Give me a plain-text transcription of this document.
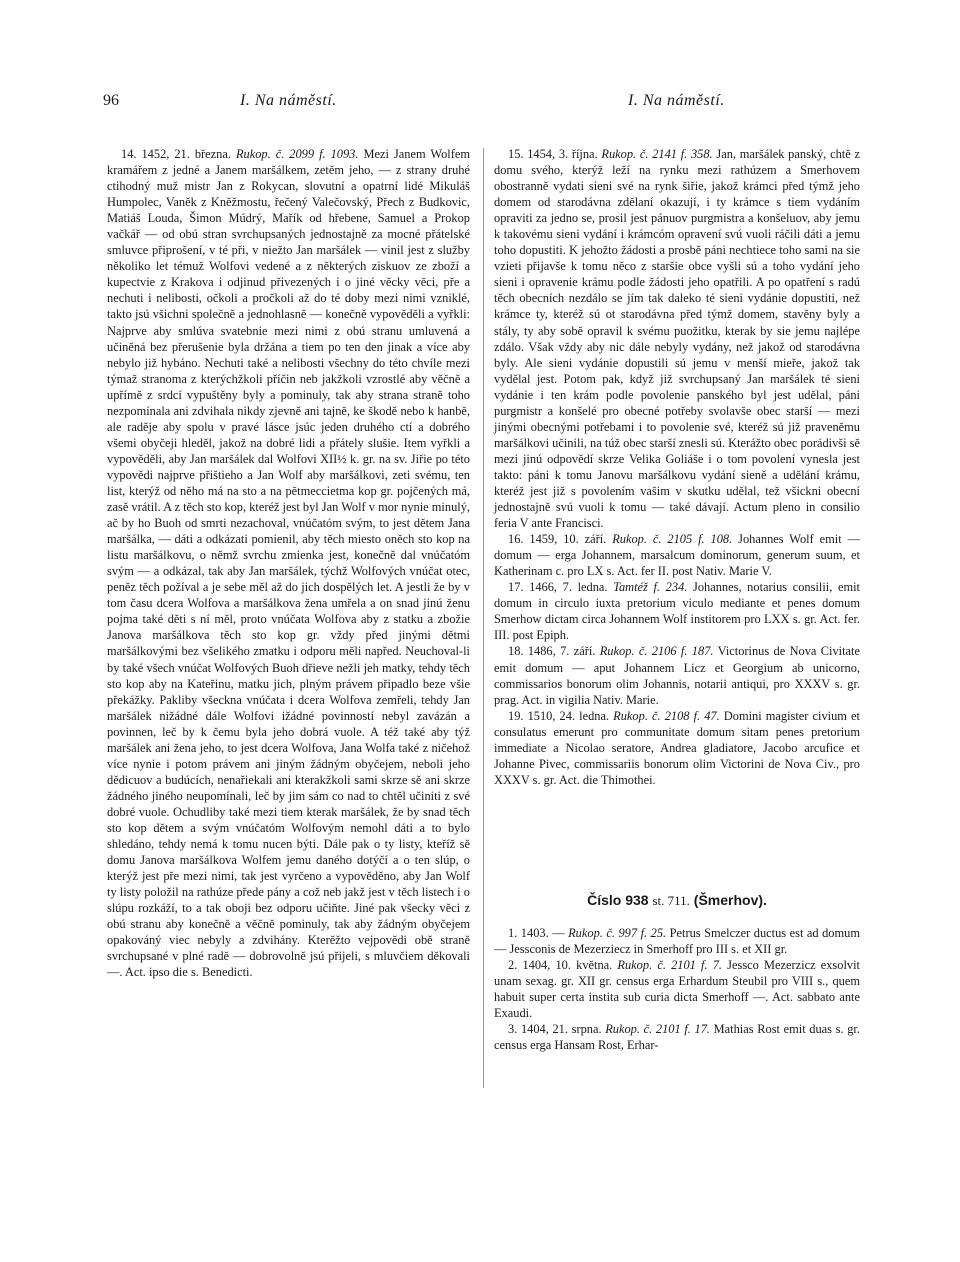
96	I. Na náměstí.	I. Na náměstí.

14. 1452, 21. března. Rukop. č. 2099 f. 1093. Mezi Janem Wolfem kramářem z jedné a Janem maršálkem, zetěm jeho, — z strany druhé ctihodný muž mistr Jan z Rokycan, slovutní a opatrní lidé Mikuláš Humpolec, Vaněk z Kněžmostu, řečený Valečovský, Přech z Budkovic, Matiáš Louda, Šimon Múdrý, Mařík od hřebene, Samuel a Prokop vačkář — od obú stran svrchupsaných jednostajně za mocné přátelské smluvce připrošení, v té při, v niežto Jan maršálek — vinil jest z služby několiko let témuž Wolfovi vedené a z některých ziskuov ze zboží a kupectvie z Krakova i odjinud přivezených i o jiné věcky věci, pře a nechuti i nelibosti, očkoli a pročkoli až do té doby mezi nimi vzniklé, takto jsú všichni společně a jednohlasně — konečně vypověděli a vyřkli: Najprve aby smlúva svatebnie mezi nimi z obú stranu umluvená a učiněná bez přerušenie byla držána a tiem po ten den jinak a více aby nebylo již hybáno. Nechuti také a nelibosti všechny do této chvíle mezi týmaž stranoma z kterýchžkoli příčin neb jakžkoli vzrostlé aby věčně a upřímě z srdcí vypuštěny byly a pominuly, tak aby strana straně toho nezpomínala ani zdvihala nikdy zjevně ani tajně, ke škodě nebo k hanbě, ale raděje aby spolu v pravé lásce jsúc jeden druhého ctí a dobrého všemi obyčeji hleděl, jakož na dobré lidi a přátely slušie. Item vyřkli a vypověděli, aby Jan maršálek dal Wolfovi XII½ k. gr. na sv. Jiřie po této vypovědi najprve přištieho a Jan Wolf aby maršálkovi, zeti svému, ten list, kterýž od něho má na sto a na pětmeccietma kop gr. pojčených má, zasě vrátil. A z těch sto kop, kteréž jest byl Jan Wolf v mor nynie minulý, ač by ho Buoh od smrti nezachoval, vnúčatóm svým, to jest dětem Jana maršálka, — dáti a odkázati pomienil, aby těch miesto oněch sto kop na listu maršálkovu, o němž svrchu zmienka jest, konečně dal vnúčatóm svým — a odkázal, tak aby Jan maršálek, týchž Wolfových vnúčat otec, peněz těch požíval a je sebe měl až do jich dospělých let. A jestli že by v tom času dcera Wolfova a maršálkova žena umřela a on snad jinú ženu pojma také děti s ní měl, proto vnúčata Wolfova aby z statku a zbožie Janova maršálkova těch sto kop gr. vždy před jinými dětmi maršálkovými bez všelikého zmatku i odporu měli napřed. Neuchoval-li by také všech vnúčat Wolfových Buoh dřieve nežli jeh matky, tehdy těch sto kop aby na Kateřinu, matku jich, plným právem připadlo beze všie překážky. Pakliby všeckna vnúčata i dcera Wolfova zemřeli, tehdy Jan maršálek nižádné dále Wolfovi ižádné povinností nebyl zavázán a povinnen, leč by k čemu byla jeho dobrá vuole. A též také aby týž maršálek ani žena jeho, to jest dcera Wolfova, Jana Wolfa také z ničehož více nynie i potom právem ani jiným žádným obyčejem, neboli jeho dědicuov a budúcích, nenařiekali ani kterakžkoli sami skrze sě ani skrze žádného jiného neupomínali, leč by jim sám co nad to chtěl učiniti z své dobré vuole. Ochudliby také mezi tiem kterak maršálek, že by snad těch sto kop dětem a svým vnúčatóm Wolfovým nemohl dáti a to bylo shledáno, tehdy nemá k tomu nucen býti. Dále pak o ty listy, kteříž sě domu Janova maršálkova Wolfem jemu daného dotýčí a o ten slúp, o kterýž jest pře mezi nimi, tak jest vyrčeno a vypověděno, aby Jan Wolf ty listy položil na rathúze přede pány a což neb jakž jest v těch listech i o slúpu rozkáží, to a tak oboji bez odporu učiňte. Jiné pak všecky věci z obú stranu aby konečně a věčně pominuly, tak aby žádným obyčejem opakováný viec nebyly a zdvihány. Kterěžto vejpovědi obě straně svrchupsané v plné radě — dobrovolně jsú přijeli, s mluvčiem děkovali —. Act. ipso die s. Benedicti.

15. 1454, 3. října. Rukop. č. 2141 f. 358. Jan, maršálek panský, chtě z domu svého, kterýž leží na rynku mezi rathúzem a Smerhovem obostranně vydati sieni své na rynk šiřie, jakož krámci před týmž jeho domem od starodávna zdělaní okazují, i ty krámce s tiem vydáním opraviti za jedno se, prosil jest pánuov purgmistra a konšeluov, aby jemu k takovému sieni vydání i krámcóm opravení svú vuoli ráčili dáti a jemu toho dopustiti. K jehožto žádosti a prosbě páni nechtiece toho sami na sie vzieti přijavše k tomu něco z staršie obce vyšli sú a toho vydání jeho sieni i opravenie krámu podle žádosti jeho opatřili. A po opatření s radú těch obecních nezdálo se jím tak daleko té sieni vydánie dopustiti, než krámce ty, kteréž sú ot starodávna před týmž domem, stavěny byly a stály, ty aby sobě opravil k svému puožitku, kterak by sie jemu najlépe zdálo. Však vždy aby nic dále nebyly vydány, než jakož od starodávna byly. Ale sieni vydánie dopustili sú jemu v menší mieře, jakož tak vydělal jest. Potom pak, když již svrchupsaný Jan maršálek té sieni vydánie i ten krám podle povolenie panského byl jest udělal, páni purgmistr a konšelé pro obecné potřeby svolavše obec starší — mezi jinými obecnými potřebami i to povolenie své, kteréž sú již praveněmu maršálkovi učinili, na túž obec starší znesli sú. Kterážto obec porádivši sě mezi jinú odpovědí skrze Velika Goliáše i o tom povolení vynesla jest takto: páni k tomu Janovu maršálkovu vydání sieně a udělání krámu, kteréž jest již s povolením vašim v skutku udělal, tež všickni obecní jednostajně svú vuoli k tomu — také dávají. Actum pleno in consilio feria V ante Francisci.

16. 1459, 10. září. Rukop. č. 2105 f. 108. Johannes Wolf emit — domum — erga Johannem, marsalcum dominorum, generum suum, et Katherinam c. pro LX s. Act. fer II. post Nativ. Marie V.

17. 1466, 7. ledna. Tamtéž f. 234. Johannes, notarius consilii, emit domum in circulo iuxta pretorium viculo mediante et penes domum Smerhow dictam circa Johannem Wolf institorem pro LXX s. gr. Act. fer. III. post Epiph.

18. 1486, 7. září. Rukop. č. 2106 f. 187. Victorinus de Nova Civitate emit domum — aput Johannem Licz et Georgium ab unicorno, commissarios bonorum olim Johannis, notarii antiqui, pro XXXV s. gr. prag. Act. in vigilia Nativ. Marie.

19. 1510, 24. ledna. Rukop. č. 2108 f. 47. Domini magister civium et consulatus emerunt pro communitate domum sitam penes pretorium immediate a Nicolao seratore, Andrea gladiatore, Jacobo arcufice et Johanne Pivec, commissariis bonorum olim Victorini de Nova Civ., pro XXXV s. gr. Act. die Thimothei.

Číslo 938 st. 711. (Šmerhov).

1. 1403. — Rukop. č. 997 f. 25. Petrus Smelczer ductus est ad domum — Jessconis de Mezerziecz in Smerhoff pro III s. et XII gr.

2. 1404, 10. května. Rukop. č. 2101 f. 7. Jessco Mezerzicz exsolvit unam sexag. gr. XII gr. census erga Erhardum Steubil pro VIII s., quem habuit super certa instita sub curia dicta Smerhoff —. Act. sabbato ante Exaudi.

3. 1404, 21. srpna. Rukop. č. 2101 f. 17. Mathias Rost emit duas s. gr. census erga Hansam Rost, Erhar-
